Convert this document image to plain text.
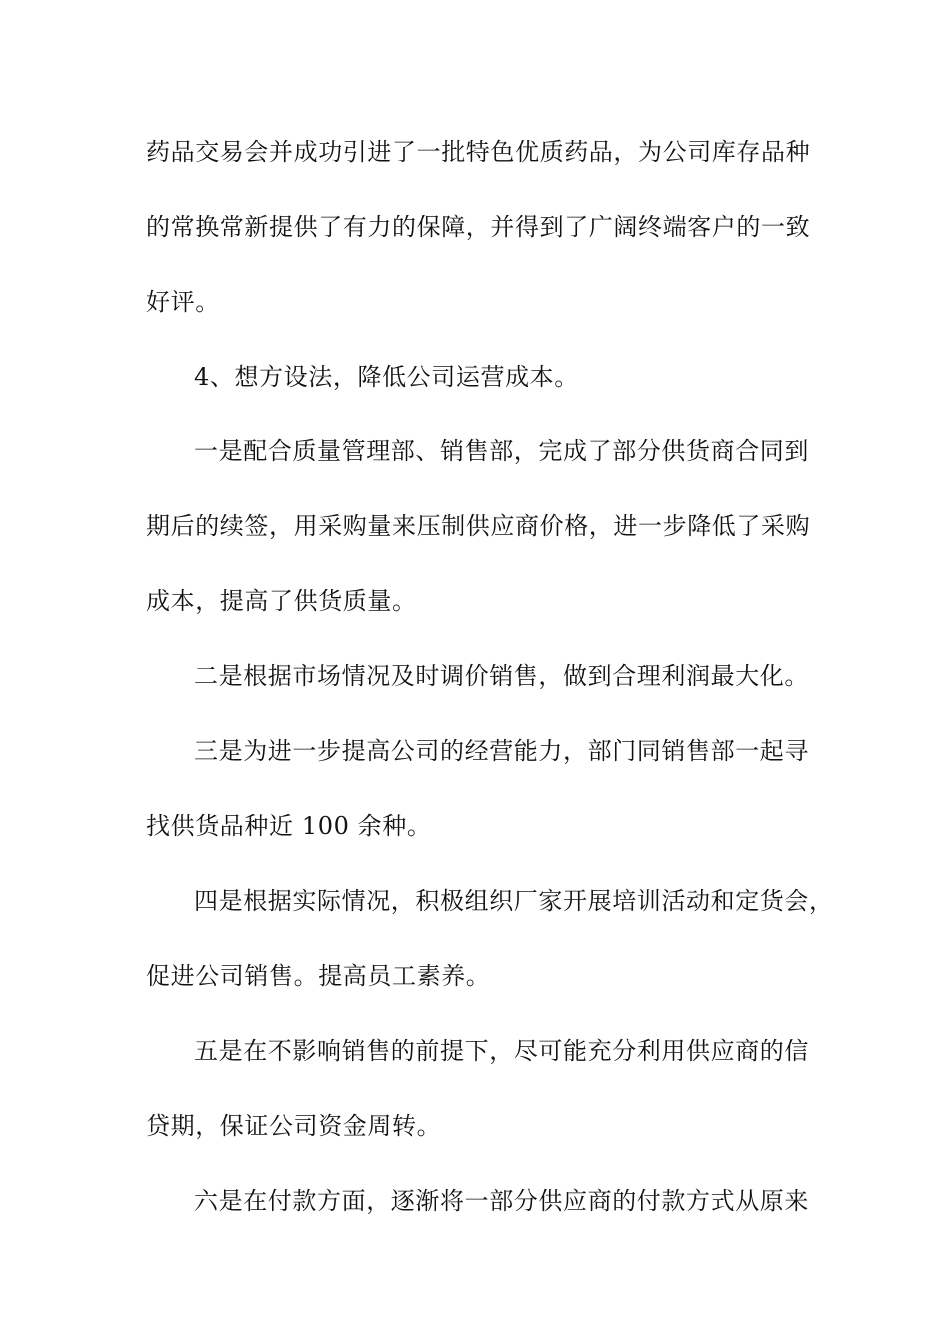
药品交易会并成功引进了一批特色优质药品，为公司库存品种
的常换常新提供了有力的保障，并得到了广阔终端客户的一致
好评。
4、想方设法，降低公司运营成本。
一是配合质量管理部、销售部，完成了部分供货商合同到
期后的续签，用采购量来压制供应商价格，进一步降低了采购
成本，提高了供货质量。
二是根据市场情况及时调价销售，做到合理利润最大化。
三是为进一步提高公司的经营能力，部门同销售部一起寻
找供货品种近 100 余种。
四是根据实际情况，积极组织厂家开展培训活动和定货会，
促进公司销售。提高员工素养。
五是在不影响销售的前提下，尽可能充分利用供应商的信
贷期，保证公司资金周转。
六是在付款方面，逐渐将一部分供应商的付款方式从原来
